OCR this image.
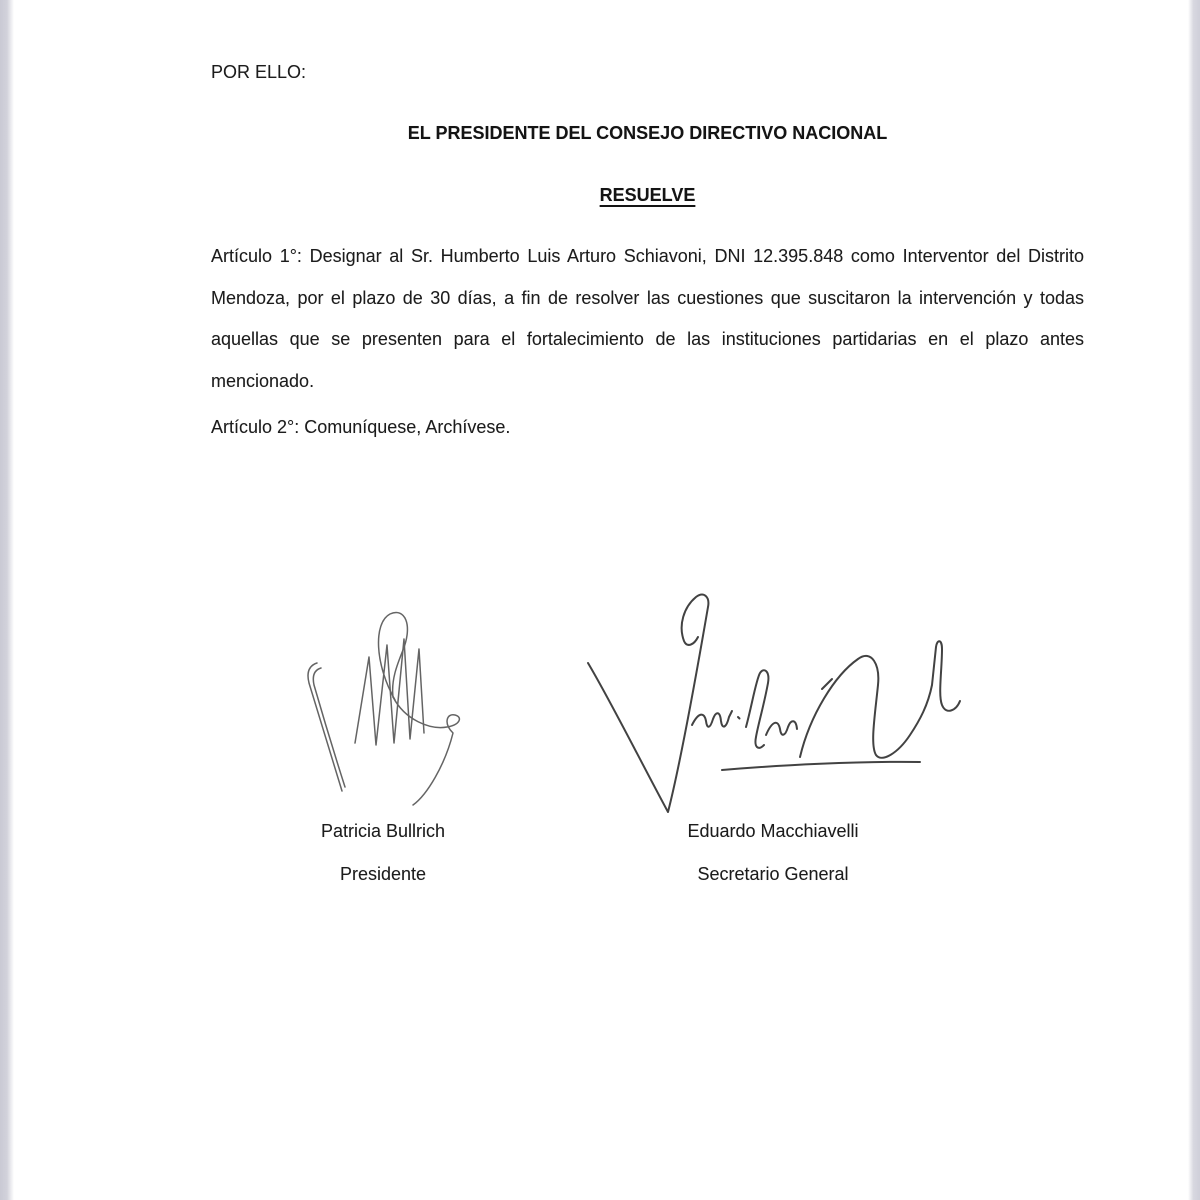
POR ELLO:
EL PRESIDENTE DEL CONSEJO DIRECTIVO NACIONAL
RESUELVE
Artículo 1°: Designar al Sr. Humberto Luis Arturo Schiavoni, DNI 12.395.848 como Interventor del Distrito Mendoza, por el plazo de 30 días, a fin de resolver las cuestiones que suscitaron la intervención y todas aquellas que se presenten para el fortalecimiento de las instituciones partidarias en el plazo antes mencionado.
Artículo 2°: Comuníquese, Archívese.
Patricia Bullrich
Presidente
Eduardo Macchiavelli
Secretario General
